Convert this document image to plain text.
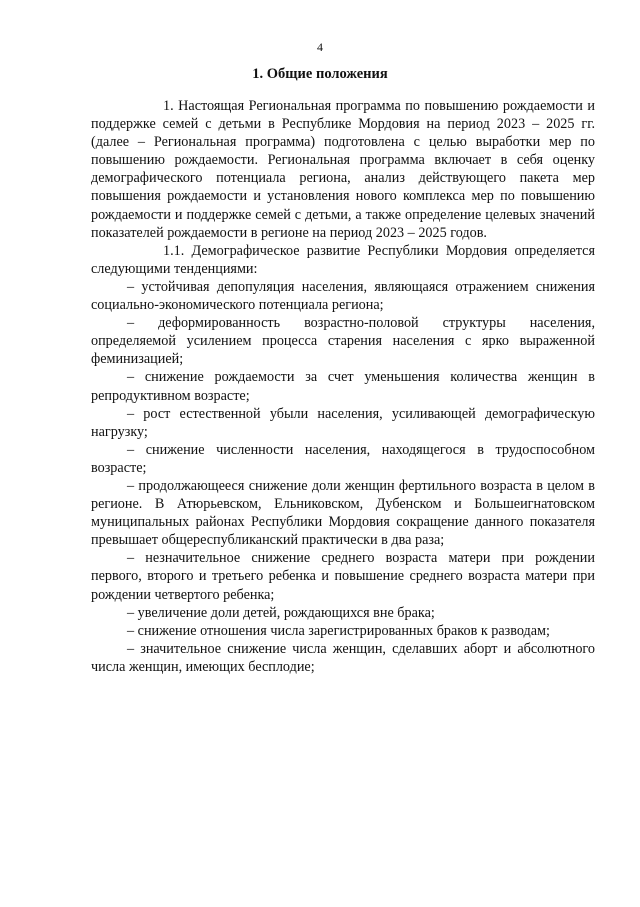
4
1. Общие положения

1. Настоящая Региональная программа по повышению рождаемости и поддержке семей с детьми в Республике Мордовия на период 2023 – 2025 гг. (далее – Региональная программа) подготовлена с целью выработки мер по повышению рождаемости. Региональная программа включает в себя оценку демографического потенциала региона, анализ действующего пакета мер повышения рождаемости и установления нового комплекса мер по повышению рождаемости и поддержке семей с детьми, а также определение целевых значений показателей рождаемости в регионе на период 2023 – 2025 годов.

1.1. Демографическое развитие Республики Мордовия определяется следующими тенденциями:

– устойчивая депопуляция населения, являющаяся отражением снижения социально-экономического потенциала региона;

– деформированность возрастно-половой структуры населения, определяемой усилением процесса старения населения с ярко выраженной феминизацией;

– снижение рождаемости за счет уменьшения количества женщин в репродуктивном возрасте;

– рост естественной убыли населения, усиливающей демографическую нагрузку;

– снижение численности населения, находящегося в трудоспособном возрасте;

– продолжающееся снижение доли женщин фертильного возраста в целом в регионе. В Атюрьевском, Ельниковском, Дубенском и Большеигнатовском муниципальных районах Республики Мордовия сокращение данного показателя превышает общереспубликанский практически в два раза;

– незначительное снижение среднего возраста матери при рождении первого, второго и третьего ребенка и повышение среднего возраста матери при рождении четвертого ребенка;

– увеличение доли детей, рождающихся вне брака;

– снижение отношения числа зарегистрированных браков к разводам;

– значительное снижение числа женщин, сделавших аборт и абсолютного числа женщин, имеющих бесплодие;
